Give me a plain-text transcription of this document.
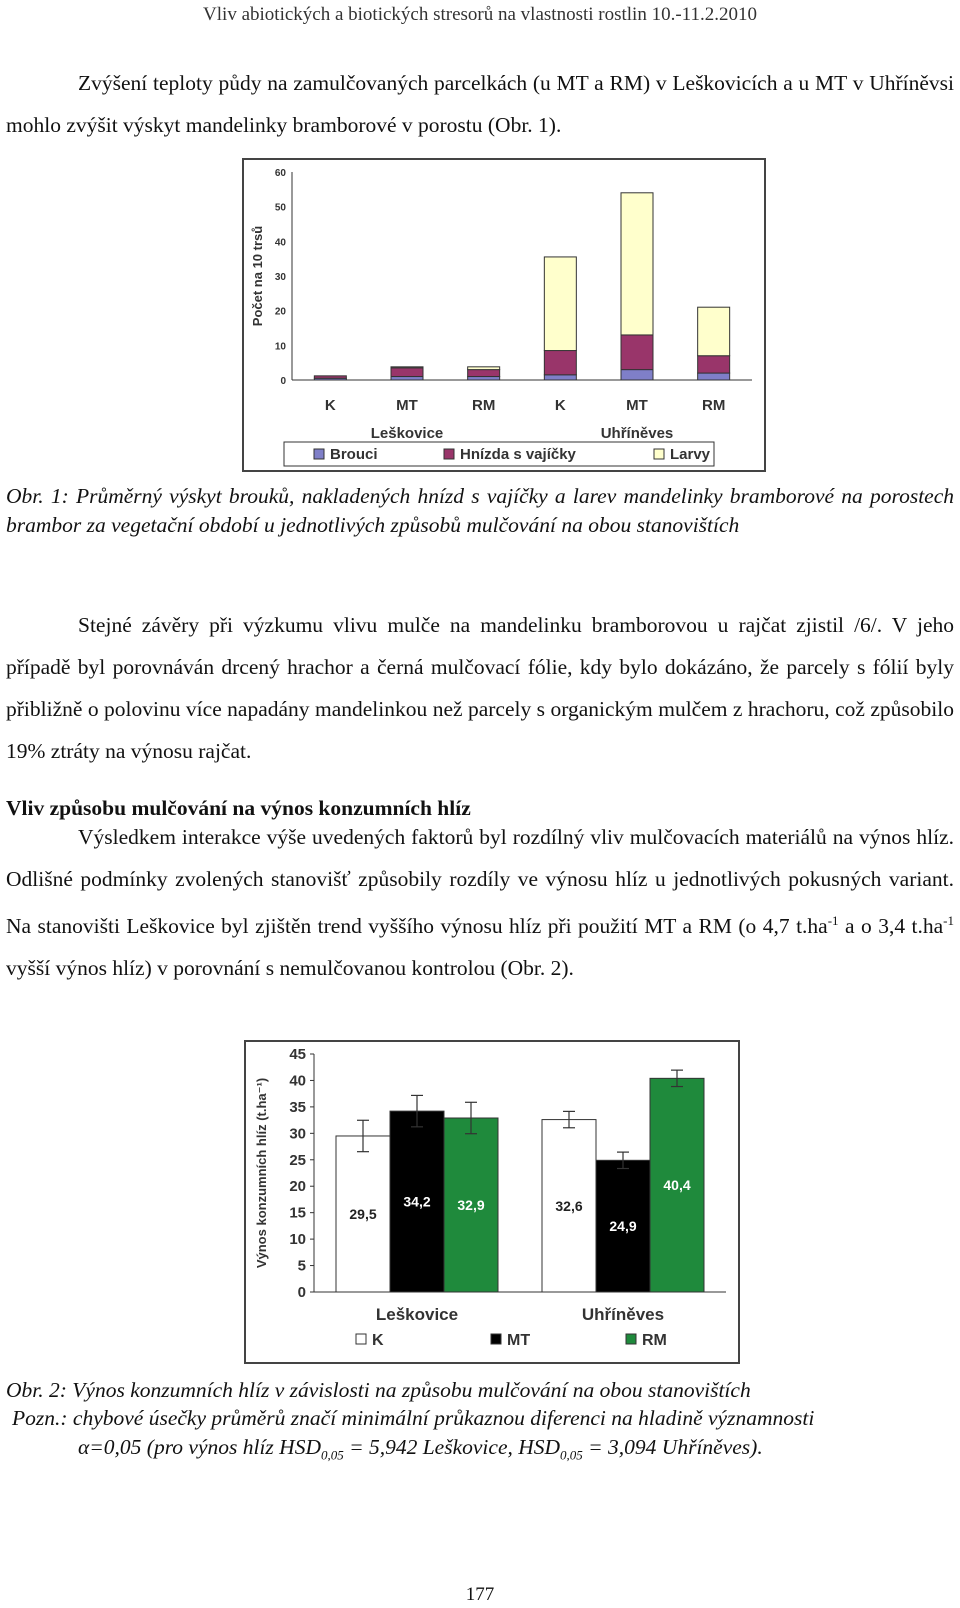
Vliv abiotických a biotických stresorů na vlastnosti rostlin 10.-11.2.2010
Zvýšení teploty půdy na zamulčovaných parcelkách (u MT a RM) v Leškovicích a u MT v Uhříněvsi mohlo zvýšit výskyt mandelinky bramborové v porostu (Obr. 1).
0
10
20
30
40
50
60
Počet na 10 trsů
K	MT	RM	K	MT	RM
Leškovice	Uhříněves
Brouci	Hnízda s vajíčky	Larvy
Obr. 1: Průměrný výskyt brouků, nakladených hnízd s vajíčky a larev mandelinky bramborové na porostech brambor za vegetační období u jednotlivých způsobů mulčování na obou stanovištích
Stejné závěry při výzkumu vlivu mulče na mandelinku bramborovou u rajčat zjistil /6/. V jeho případě byl porovnáván drcený hrachor a černá mulčovací fólie, kdy bylo dokázáno, že parcely s fólií byly přibližně o polovinu více napadány mandelinkou než parcely s organickým mulčem z hrachoru, což způsobilo 19% ztráty na výnosu rajčat.
Vliv způsobu mulčování na výnos konzumních hlíz
Výsledkem interakce výše uvedených faktorů byl rozdílný vliv mulčovacích materiálů na výnos hlíz. Odlišné podmínky zvolených stanovišť způsobily rozdíly ve výnosu hlíz u jednotlivých pokusných variant. Na stanovišti Leškovice byl zjištěn trend vyššího výnosu hlíz při použití MT a RM (o 4,7 $t.ha^{-1}$ a o 3,4 $t.ha^{-1}$ vyšší výnos hlíz) v porovnání s nemulčovanou kontrolou (Obr. 2).
0
5
10
15
20
25
30
35
40
45
Výnos konzumních hlíz (t.ha⁻¹)	29,5
34,2 32,9
Leškovice
32,6
24,9
40,4
Uhříněves
K	MT	RM
Obr. 2: Výnos konzumních hlíz v závislosti na způsobu mulčování na obou stanovištích
Pozn.: chybové úsečky průměrů značí minimální průkaznou diferenci na hladině významnosti
α=0,05 (pro výnos hlíz $HSD_{0,05} = 5,942$ Leškovice, $HSD_{0,05} = 3,094$ Uhříněves).
177
